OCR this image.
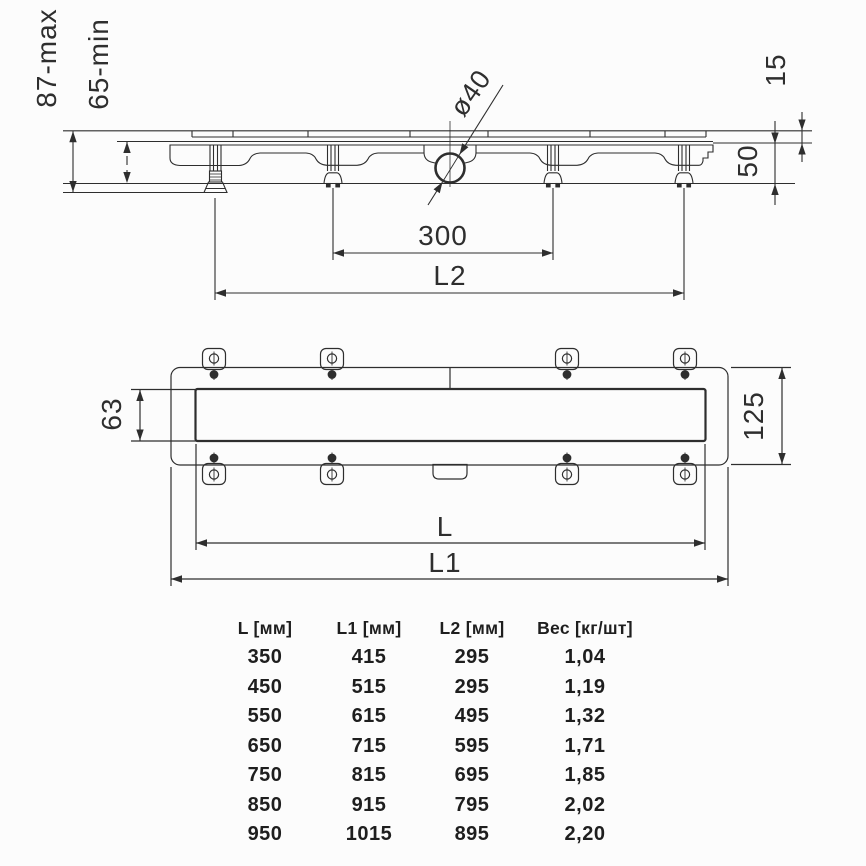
87-max 65-min	15
50
300
L2
ø40
63	125
L
L1
L [мм]	L1 [мм]	L2 [мм]	Вес [кг/шт]
350	415	295	1,04
450	515	295	1,19
550	615	495	1,32
650	715	595	1,71
750	815	695	1,85
850	915	795	2,02
950	1015	895	2,20
